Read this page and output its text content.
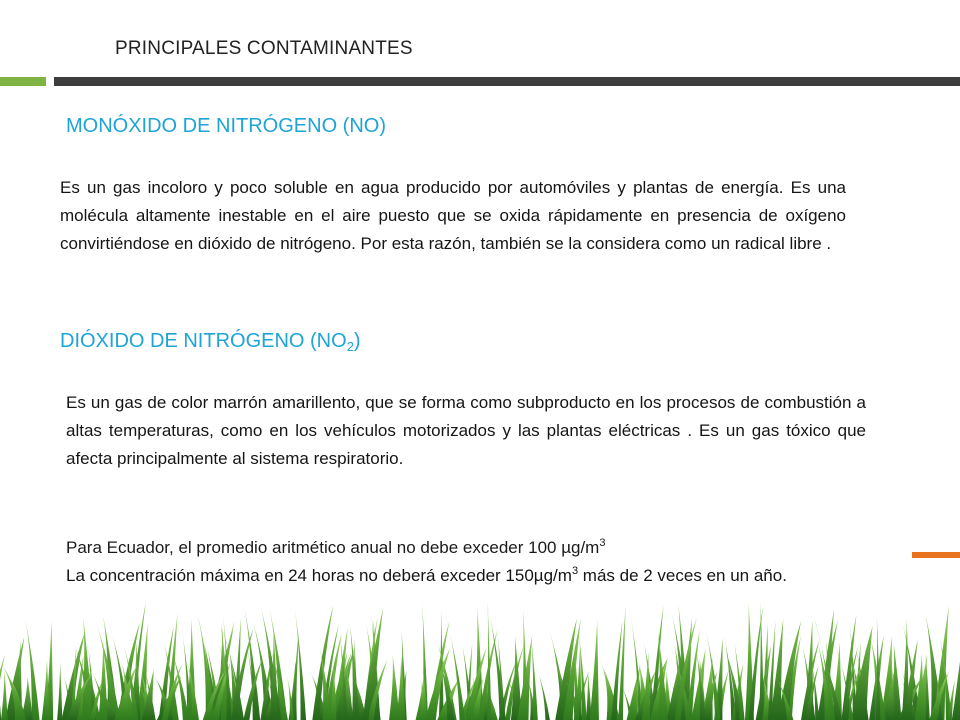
PRINCIPALES CONTAMINANTES
MONÓXIDO DE NITRÓGENO (NO)
Es un gas incoloro y poco soluble en agua producido por automóviles y plantas de energía. Es una molécula altamente inestable en el aire puesto que se oxida rápidamente en presencia de oxígeno convirtiéndose en dióxido de nitrógeno. Por esta razón, también se la considera como un radical libre .
DIÓXIDO DE NITRÓGENO $(NO_2)$
Es un gas de color marrón amarillento, que se forma como subproducto en los procesos de combustión a altas temperaturas, como en los vehículos motorizados y las plantas eléctricas . Es un gas tóxico que afecta principalmente al sistema respiratorio.
Para Ecuador, el promedio aritmético anual no debe exceder 100 $\mu g/m^3$
La concentración máxima en 24 horas no deberá exceder $150\mu g/m^3$ más de 2 veces en un año.
